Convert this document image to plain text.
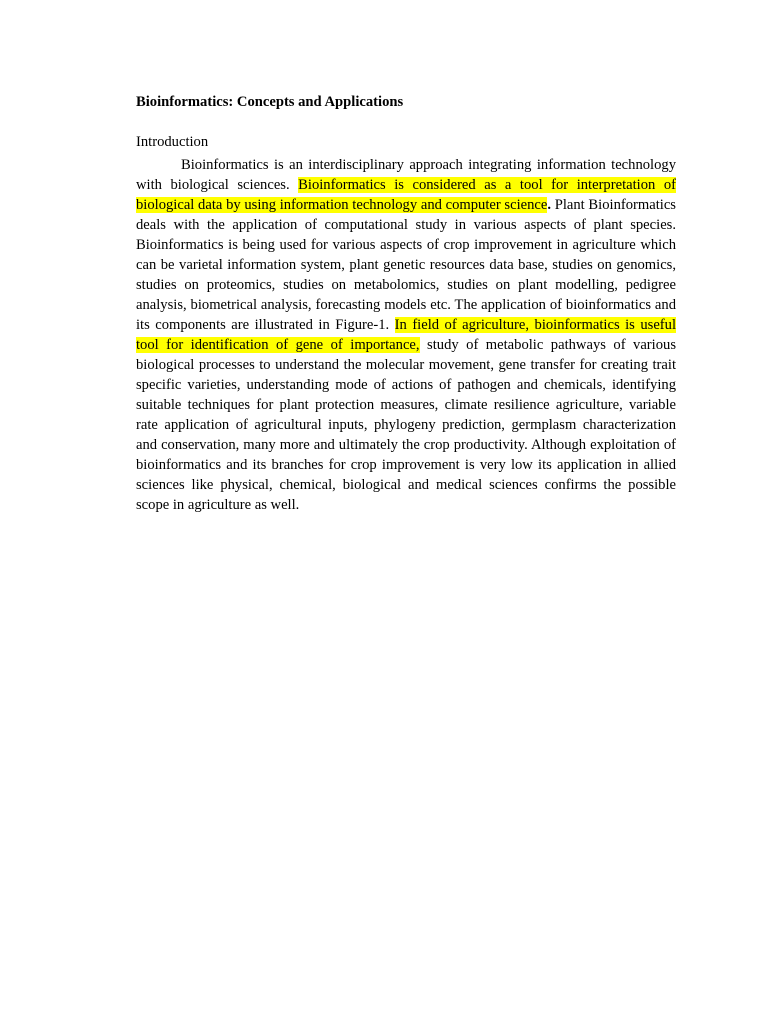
Bioinformatics: Concepts and Applications
Introduction

Bioinformatics is an interdisciplinary approach integrating information technology with biological sciences. Bioinformatics is considered as a tool for interpretation of biological data by using information technology and computer science. Plant Bioinformatics deals with the application of computational study in various aspects of plant species. Bioinformatics is being used for various aspects of crop improvement in agriculture which can be varietal information system, plant genetic resources data base, studies on genomics, studies on proteomics, studies on metabolomics, studies on plant modelling, pedigree analysis, biometrical analysis, forecasting models etc. The application of bioinformatics and its components are illustrated in Figure-1. In field of agriculture, bioinformatics is useful tool for identification of gene of importance, study of metabolic pathways of various biological processes to understand the molecular movement, gene transfer for creating trait specific varieties, understanding mode of actions of pathogen and chemicals, identifying suitable techniques for plant protection measures, climate resilience agriculture, variable rate application of agricultural inputs, phylogeny prediction, germplasm characterization and conservation, many more and ultimately the crop productivity. Although exploitation of bioinformatics and its branches for crop improvement is very low its application in allied sciences like physical, chemical, biological and medical sciences confirms the possible scope in agriculture as well.
